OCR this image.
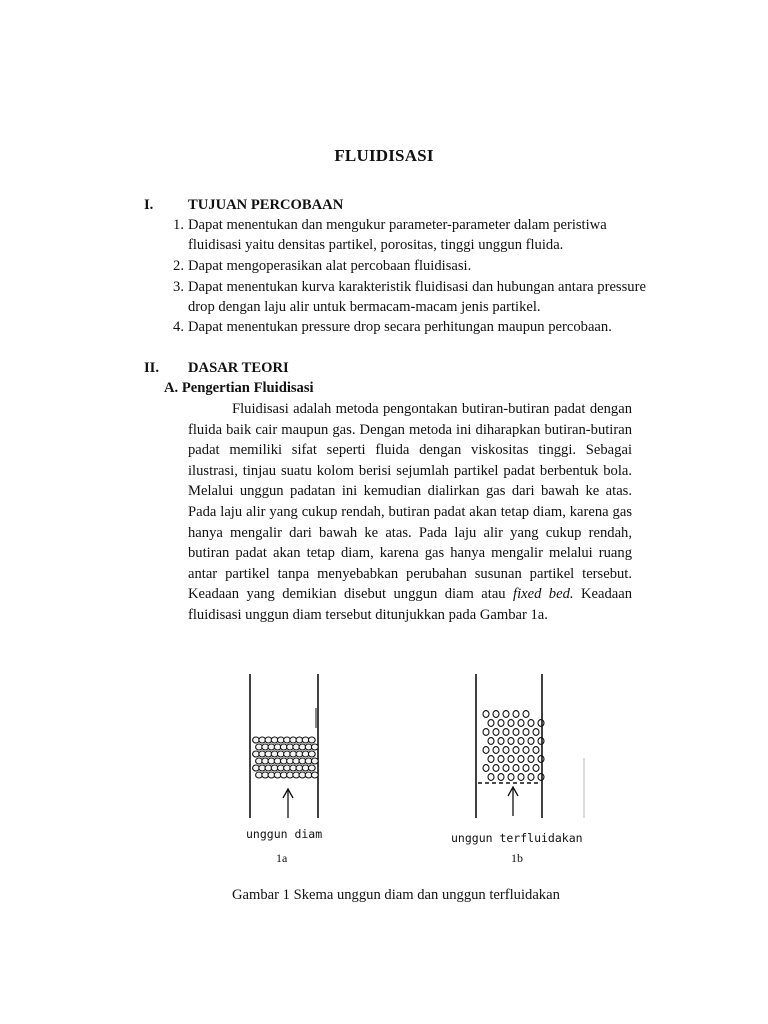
FLUIDISASI
I. TUJUAN PERCOBAAN
1. Dapat menentukan dan mengukur parameter-parameter dalam peristiwa
fluidisasi yaitu densitas partikel, porositas, tinggi unggun fluida.
2. Dapat mengoperasikan alat percobaan fluidisasi.
3. Dapat menentukan kurva karakteristik fluidisasi dan hubungan antara pressure
drop dengan laju alir untuk bermacam-macam jenis partikel.
4. Dapat menentukan pressure drop secara perhitungan maupun percobaan.
II. DASAR TEORI
A. Pengertian Fluidisasi
Fluidisasi adalah metoda pengontakan butiran-butiran padat dengan fluida baik cair maupun gas. Dengan metoda ini diharapkan butiran-butiran padat memiliki sifat seperti fluida dengan viskositas tinggi. Sebagai ilustrasi, tinjau suatu kolom berisi sejumlah partikel padat berbentuk bola. Melalui unggun padatan ini kemudian dialirkan gas dari bawah ke atas. Pada laju alir yang cukup rendah, butiran padat akan tetap diam, karena gas hanya mengalir dari bawah ke atas. Pada laju alir yang cukup rendah, butiran padat akan tetap diam, karena gas hanya mengalir melalui ruang antar partikel tanpa menyebabkan perubahan susunan partikel tersebut. Keadaan yang demikian disebut unggun diam atau fixed bed. Keadaan fluidisasi unggun diam tersebut ditunjukkan pada Gambar 1a.
unggun diam
1a
unggun terfluidakan
1b
Gambar 1 Skema unggun diam dan unggun terfluidakan
